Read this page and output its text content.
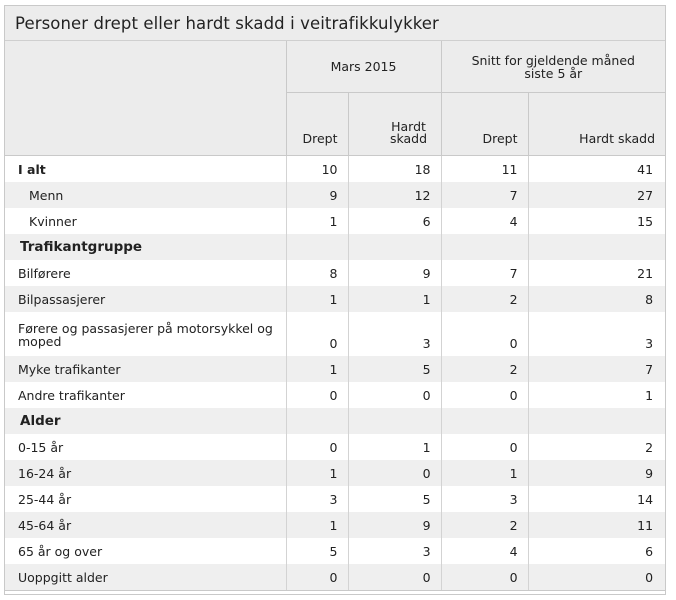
Personer drept eller hardt skadd i veitrafikkulykker
	Mars 2015		Snitt for gjeldende måned siste 5 år	
	Drept	Hardt skadd	Drept	Hardt skadd
I alt	10	18	11	41
Menn	9	12	7	27
Kvinner	1	6	4	15
Trafikantgruppe				
Bilførere	8	9	7	21
Bilpassasjerer	1	1	2	8
Førere og passasjerer på motorsykkel og moped	0	3	0	3
Myke trafikanter	1	5	2	7
Andre trafikanter	0	0	0	1
Alder				
0-15 år	0	1	0	2
16-24 år	1	0	1	9
25-44 år	3	5	3	14
45-64 år	1	9	2	11
65 år og over	5	3	4	6
Uoppgitt alder	0	0	0	0
